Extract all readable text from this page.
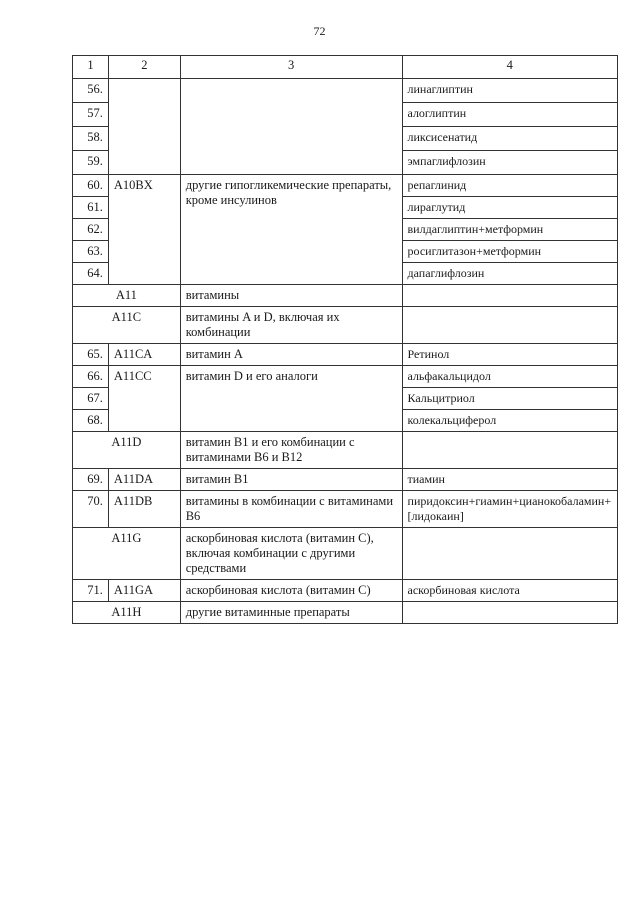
72
1	2	3	4
56.			линаглиптин
57.			алоглиптин
58.			ликсисенатид
59.			эмпаглифлозин
60.	A10BX	другие гипогликемические препараты, кроме инсулинов	репаглинид
61.			лираглутид
62.			вилдаглиптин+метформин
63.			росиглитазон+метформин
64.			дапаглифлозин
A11		витамины	
A11C		витамины A и D, включая их комбинации	
65.	A11CA	витамин A	Ретинол
66.	A11CC	витамин D и его аналоги	альфакальцидол
67.			Кальцитриол
68.			колекальциферол
A11D		витамин B1 и его комбинации с витаминами B6 и B12	
69.	A11DA	витамин B1	тиамин
70.	A11DB	витамины в комбинации с витаминами B6	пиридоксин+гиамин+цианокобаламин+[лидокаин]
A11G		аскорбиновая кислота (витамин C), включая комбинации с другими средствами	
71.	A11GA	аскорбиновая кислота (витамин C)	аскорбиновая кислота
A11H		другие витаминные препараты	
